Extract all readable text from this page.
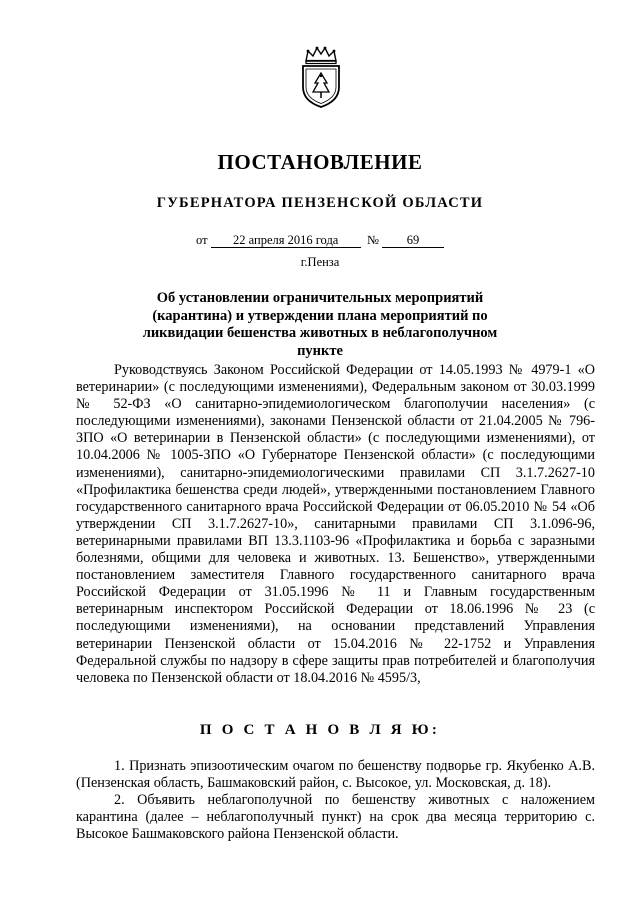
ПОСТАНОВЛЕНИЕ
ГУБЕРНАТОРА ПЕНЗЕНСКОЙ ОБЛАСТИ
от 22 апреля 2016 года № 69
г.Пенза
Об установлении ограничительных мероприятий (карантина) и утверждении плана мероприятий по ликвидации бешенства животных в неблагополучном пункте

Руководствуясь Законом Российской Федерации от 14.05.1993 № 4979-1 «О ветеринарии» (с последующими изменениями), Федеральным законом от 30.03.1999 № 52-ФЗ «О санитарно-эпидемиологическом благополучии населения» (с последующими изменениями), законами Пензенской области от 21.04.2005 № 796-ЗПО «О ветеринарии в Пензенской области» (с последующими изменениями), от 10.04.2006 № 1005-ЗПО «О Губернаторе Пензенской области» (с последующими изменениями), санитарно-эпидемиологическими правилами СП 3.1.7.2627-10 «Профилактика бешенства среди людей», утвержденными постановлением Главного государственного санитарного врача Российской Федерации от 06.05.2010 № 54 «Об утверждении СП 3.1.7.2627-10», санитарными правилами СП 3.1.096-96, ветеринарными правилами ВП 13.3.1103-96 «Профилактика и борьба с заразными болезнями, общими для человека и животных. 13. Бешенство», утвержденными постановлением заместителя Главного государственного санитарного врача Российской Федерации от 31.05.1996 № 11 и Главным государственным ветеринарным инспектором Российской Федерации от 18.06.1996 № 23 (с последующими изменениями), на основании представлений Управления ветеринарии Пензенской области от 15.04.2016 № 22-1752 и Управления Федеральной службы по надзору в сфере защиты прав потребителей и благополучия человека по Пензенской области от 18.04.2016 № 4595/3,

П О С Т А Н О В Л Я Ю:

1. Признать эпизоотическим очагом по бешенству подворье гр. Якубенко А.В. (Пензенская область, Башмаковский район, с. Высокое, ул. Московская, д. 18).

2. Объявить неблагополучной по бешенству животных с наложением карантина (далее – неблагополучный пункт) на срок два месяца территорию с. Высокое Башмаковского района Пензенской области.
